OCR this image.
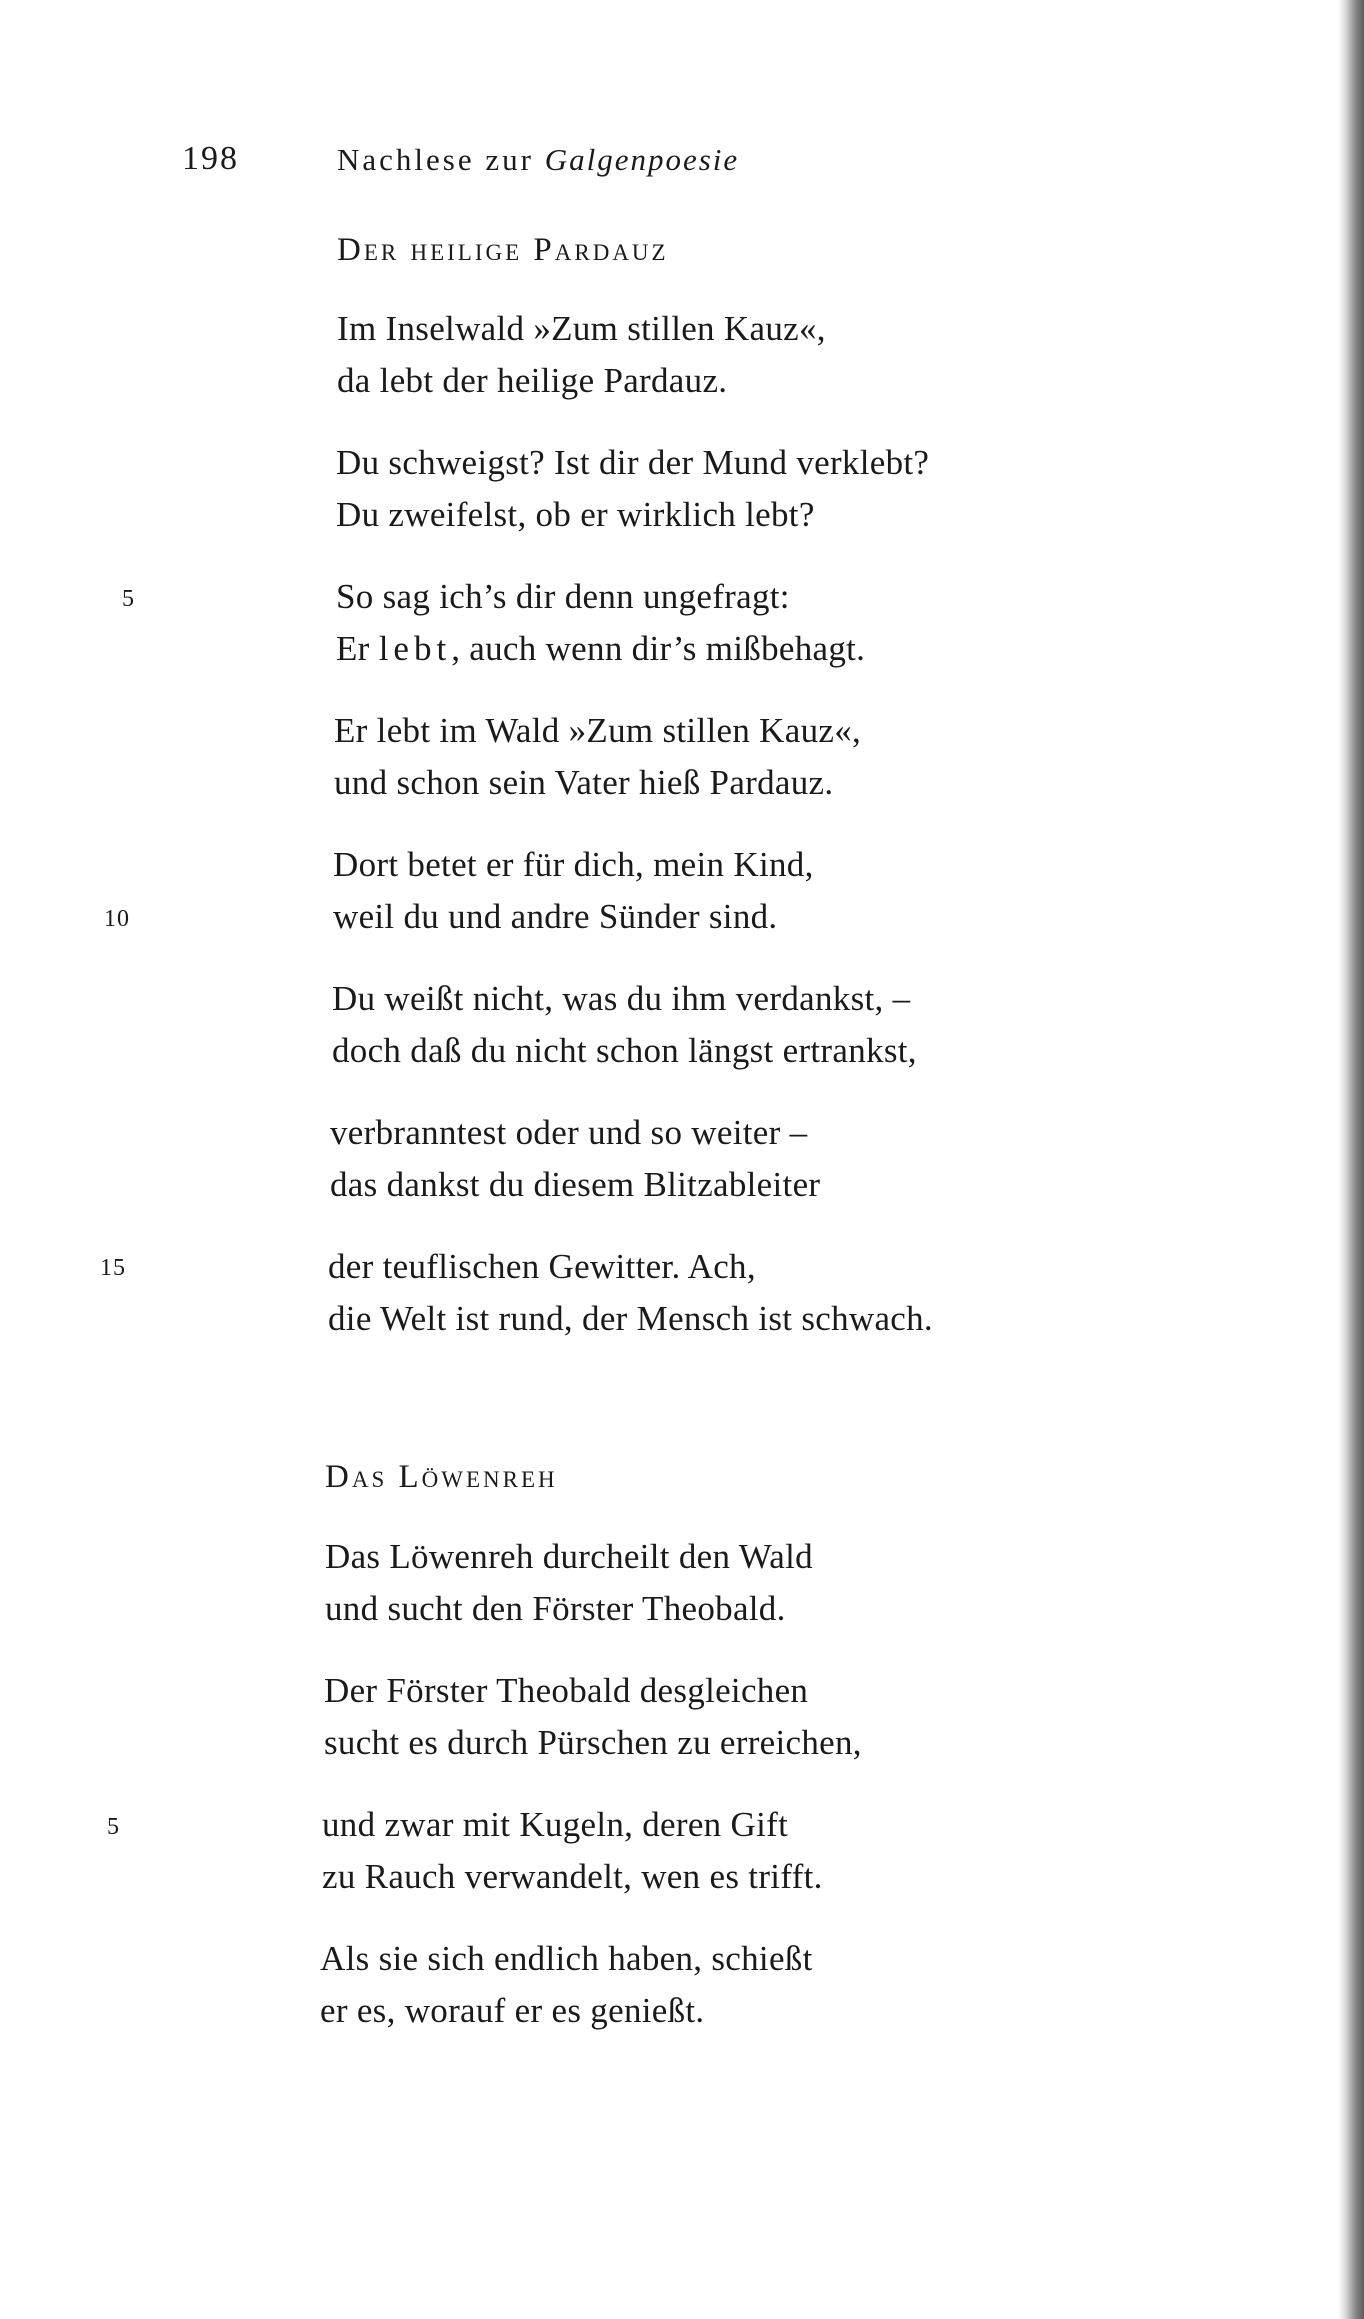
198	Nachlese zur Galgenpoesie
Der heilige Pardauz
Im Inselwald »Zum stillen Kauz«,
da lebt der heilige Pardauz.
Du schweigst? Ist dir der Mund verklebt?
Du zweifelst, ob er wirklich lebt?
5	So sag ich’s dir denn ungefragt:
Er lebt, auch wenn dir’s mißbehagt.
Er lebt im Wald »Zum stillen Kauz«,
und schon sein Vater hieß Pardauz.
Dort betet er für dich, mein Kind,
10	weil du und andre Sünder sind.
Du weißt nicht, was du ihm verdankst, –
doch daß du nicht schon längst ertrankst,
verbranntest oder und so weiter –
das dankst du diesem Blitzableiter
15	der teuflischen Gewitter. Ach,
die Welt ist rund, der Mensch ist schwach.
Das Löwenreh
Das Löwenreh durcheilt den Wald
und sucht den Förster Theobald.
Der Förster Theobald desgleichen
sucht es durch Pürschen zu erreichen,
5	und zwar mit Kugeln, deren Gift
zu Rauch verwandelt, wen es trifft.
Als sie sich endlich haben, schießt
er es, worauf er es genießt.
